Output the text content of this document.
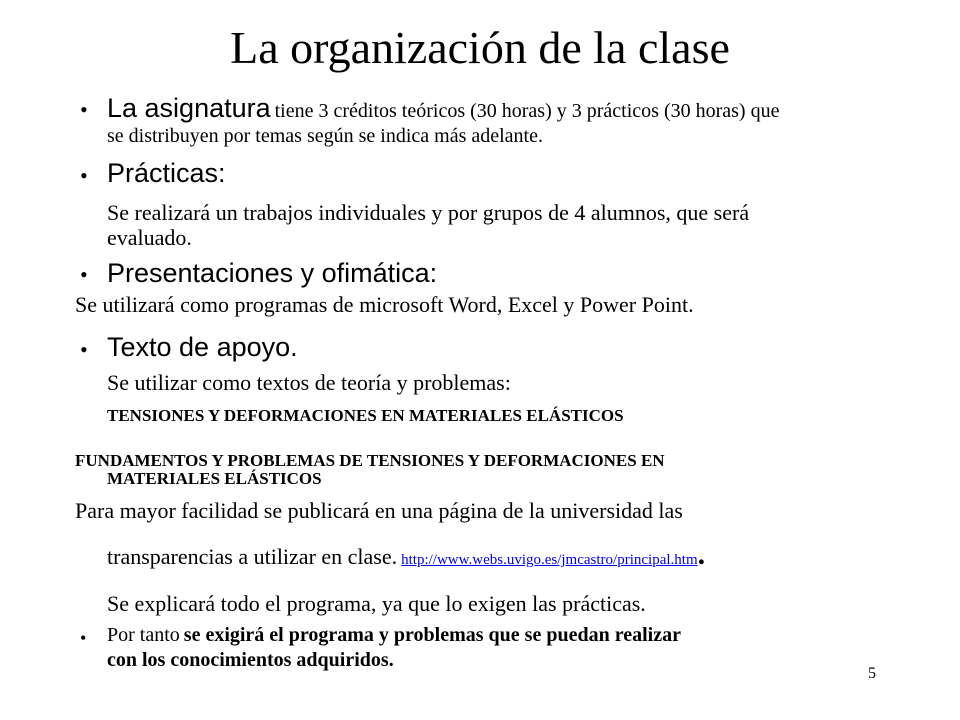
La organización de la clase
• La asignatura tiene 3 créditos teóricos (30 horas) y 3 prácticos (30 horas) que
se distribuyen por temas según se indica más adelante.
• Prácticas:
Se realizará un trabajos individuales y por grupos de 4 alumnos, que será
evaluado.
• Presentaciones y ofimática:
Se utilizará como programas de microsoft Word, Excel y Power Point.
• Texto de apoyo.
Se utilizar como textos de teoría y problemas:
TENSIONES Y DEFORMACIONES EN MATERIALES ELÁSTICOS
FUNDAMENTOS Y PROBLEMAS DE TENSIONES Y DEFORMACIONES EN
MATERIALES ELÁSTICOS
Para mayor facilidad se publicará en una página de la universidad las
transparencias a utilizar en clase. http://www.webs.uvigo.es/jmcastro/principal.htm.
Se explicará todo el programa, ya que lo exigen las prácticas.
• Por tanto se exigirá el programa y problemas que se puedan realizar
con los conocimientos adquiridos.
5
